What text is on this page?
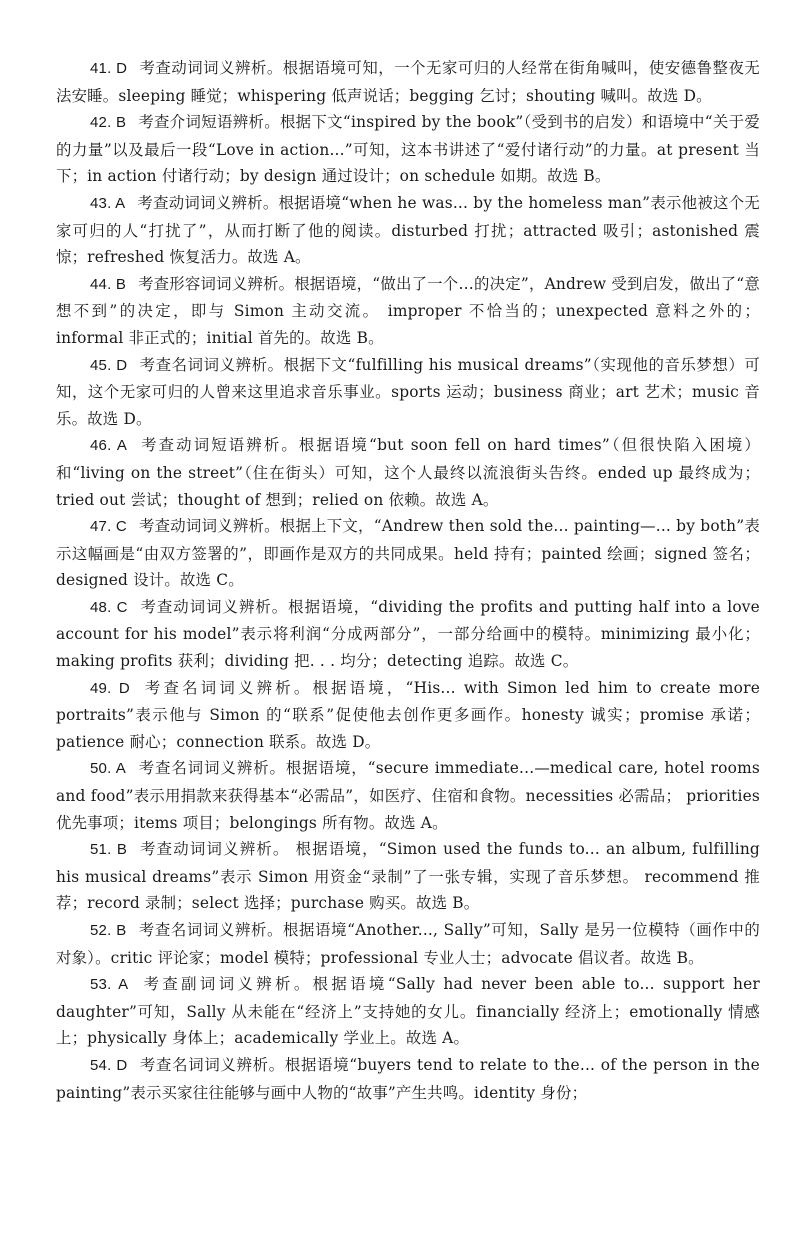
41. D 考查动词词义辨析。根据语境可知，一个无家可归的人经常在街角喊叫，使安德鲁整夜无法安睡。sleeping 睡觉；whispering 低声说话；begging 乞讨；shouting 喊叫。故选 D。

42. B 考查介词短语辨析。根据下文“inspired by the book”（受到书的启发）和语境中“关于爱的力量”以及最后一段“Love in action...”可知，这本书讲述了“爱付诸行动”的力量。at present 当下；in action 付诸行动；by design 通过设计；on schedule 如期。故选 B。

43. A 考查动词词义辨析。根据语境“when he was... by the homeless man”表示他被这个无家可归的人“打扰了”，从而打断了他的阅读。disturbed 打扰；attracted 吸引；astonished 震惊；refreshed 恢复活力。故选 A。

44. B 考查形容词词义辨析。根据语境，“做出了一个…的决定”，Andrew 受到启发，做出了“意想不到”的决定，即与 Simon 主动交流。 improper 不恰当的；unexpected 意料之外的； informal 非正式的；initial 首先的。故选 B。

45. D 考查名词词义辨析。根据下文“fulfilling his musical dreams”（实现他的音乐梦想）可知，这个无家可归的人曾来这里追求音乐事业。sports 运动；business 商业；art 艺术；music 音乐。故选 D。

46. A 考查动词短语辨析。根据语境“but soon fell on hard times”（但很快陷入困境）和“living on the street”（住在街头）可知，这个人最终以流浪街头告终。ended up 最终成为；tried out 尝试；thought of 想到；relied on 依赖。故选 A。

47. C 考查动词词义辨析。根据上下文，“Andrew then sold the... painting—... by both”表示这幅画是“由双方签署的”，即画作是双方的共同成果。held 持有；painted 绘画；signed 签名；designed 设计。故选 C。

48. C 考查动词词义辨析。根据语境，“dividing the profits and putting half into a love account for his model”表示将利润“分成两部分”，一部分给画中的模特。minimizing 最小化；making profits 获利；dividing 把. . . 均分；detecting 追踪。故选 C。

49. D 考查名词词义辨析。根据语境，“His... with Simon led him to create more portraits”表示他与 Simon 的“联系”促使他去创作更多画作。honesty 诚实；promise 承诺；patience 耐心；connection 联系。故选 D。

50. A 考查名词词义辨析。根据语境，“secure immediate...—medical care, hotel rooms and food”表示用捐款来获得基本“必需品”，如医疗、住宿和食物。necessities 必需品； priorities 优先事项；items 项目；belongings 所有物。故选 A。

51. B 考查动词词义辨析。 根据语境，“Simon used the funds to... an album, fulfilling his musical dreams”表示 Simon 用资金“录制”了一张专辑，实现了音乐梦想。 recommend 推荐；record 录制；select 选择；purchase 购买。故选 B。

52. B 考查名词词义辨析。根据语境“Another..., Sally”可知，Sally 是另一位模特（画作中的对象）。critic 评论家；model 模特；professional 专业人士；advocate 倡议者。故选 B。

53. A 考查副词词义辨析。根据语境“Sally had never been able to... support her daughter”可知，Sally 从未能在“经济上”支持她的女儿。financially 经济上；emotionally 情感上；physically 身体上；academically 学业上。故选 A。

54. D 考查名词词义辨析。根据语境“buyers tend to relate to the... of the person in the painting”表示买家往往能够与画中人物的“故事”产生共鸣。identity 身份；
